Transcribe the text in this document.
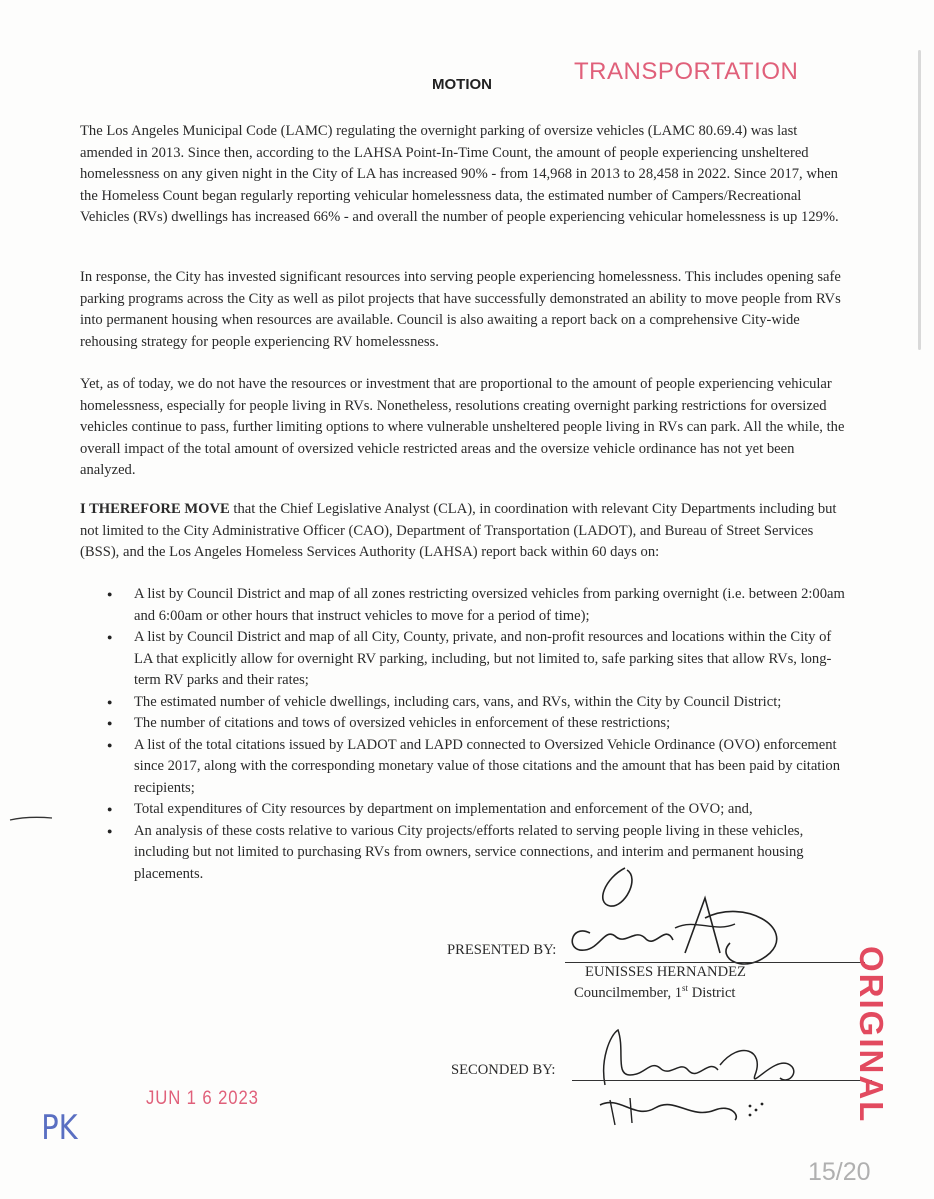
TRANSPORTATION
MOTION

The Los Angeles Municipal Code (LAMC) regulating the overnight parking of oversize vehicles (LAMC 80.69.4) was last amended in 2013. Since then, according to the LAHSA Point-In-Time Count, the amount of people experiencing unsheltered homelessness on any given night in the City of LA has increased 90% - from 14,968 in 2013 to 28,458 in 2022. Since 2017, when the Homeless Count began regularly reporting vehicular homelessness data, the estimated number of Campers/Recreational Vehicles (RVs) dwellings has increased 66% - and overall the number of people experiencing vehicular homelessness is up 129%.

In response, the City has invested significant resources into serving people experiencing homelessness. This includes opening safe parking programs across the City as well as pilot projects that have successfully demonstrated an ability to move people from RVs into permanent housing when resources are available. Council is also awaiting a report back on a comprehensive City-wide rehousing strategy for people experiencing RV homelessness.

Yet, as of today, we do not have the resources or investment that are proportional to the amount of people experiencing vehicular homelessness, especially for people living in RVs. Nonetheless, resolutions creating overnight parking restrictions for oversized vehicles continue to pass, further limiting options to where vulnerable unsheltered people living in RVs can park. All the while, the overall impact of the total amount of oversized vehicle restricted areas and the oversize vehicle ordinance has not yet been analyzed.

I THEREFORE MOVE that the Chief Legislative Analyst (CLA), in coordination with relevant City Departments including but not limited to the City Administrative Officer (CAO), Department of Transportation (LADOT), and Bureau of Street Services (BSS), and the Los Angeles Homeless Services Authority (LAHSA) report back within 60 days on:

● A list by Council District and map of all zones restricting oversized vehicles from parking overnight (i.e. between 2:00am and 6:00am or other hours that instruct vehicles to move for a period of time);
● A list by Council District and map of all City, County, private, and non-profit resources and locations within the City of LA that explicitly allow for overnight RV parking, including, but not limited to, safe parking sites that allow RVs, long-term RV parks and their rates;
● The estimated number of vehicle dwellings, including cars, vans, and RVs, within the City by Council District;
● The number of citations and tows of oversized vehicles in enforcement of these restrictions;
● A list of the total citations issued by LADOT and LAPD connected to Oversized Vehicle Ordinance (OVO) enforcement since 2017, along with the corresponding monetary value of those citations and the amount that has been paid by citation recipients;
● Total expenditures of City resources by department on implementation and enforcement of the OVO; and,
● An analysis of these costs relative to various City projects/efforts related to serving people living in these vehicles, including but not limited to purchasing RVs from owners, service connections, and interim and permanent housing placements.
PRESENTED BY:
EUNISSES HERNANDEZ
Councilmember, 1st District
SECONDED BY:
JUN 1 6 2023	ORIGINAL
PK
15/20
